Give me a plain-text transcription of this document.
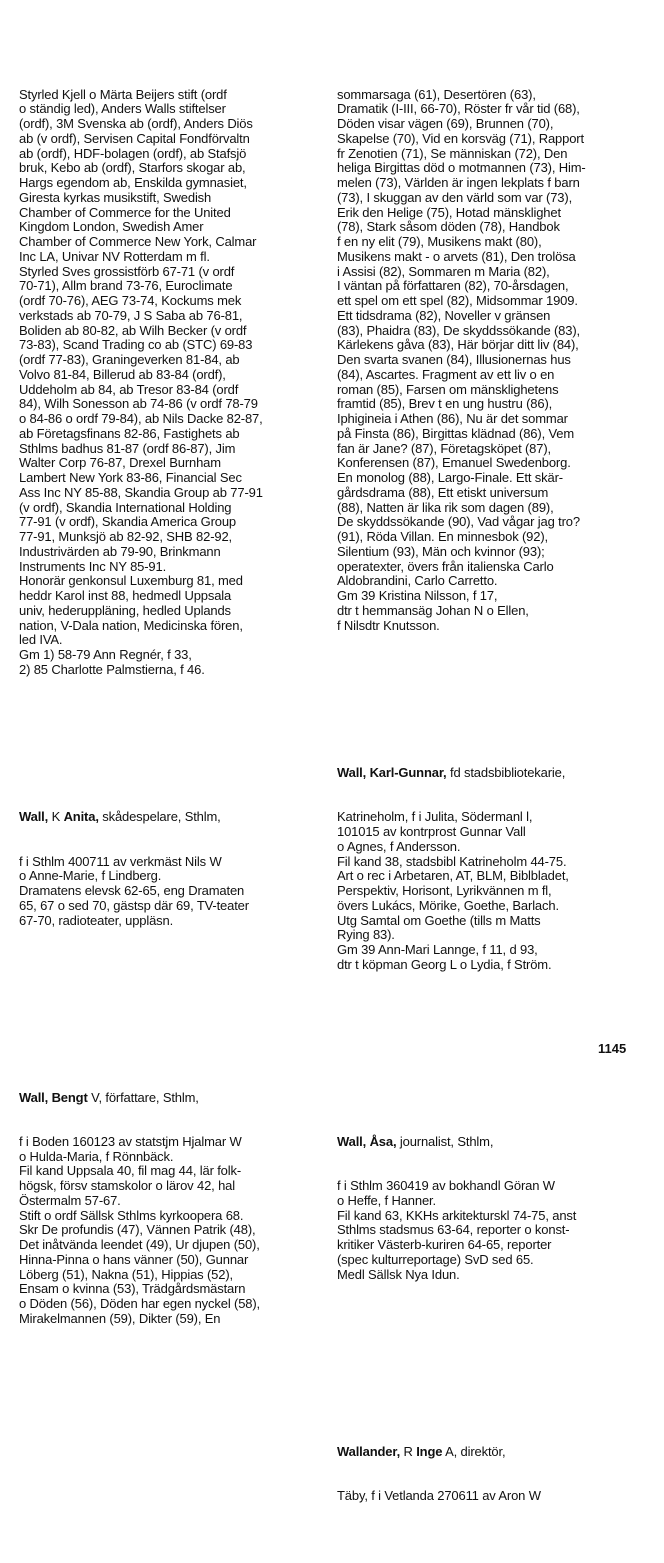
Styrled Kjell o Märta Beijers stift (ordf
o ständig led), Anders Walls stiftelser
(ordf), 3M Svenska ab (ordf), Anders Diös
ab (v ordf), Servisen Capital Fondförvaltn
ab (ordf), HDF-bolagen (ordf), ab Stafsjö
bruk, Kebo ab (ordf), Starfors skogar ab,
Hargs egendom ab, Enskilda gymnasiet,
Giresta kyrkas musikstift, Swedish
Chamber of Commerce for the United
Kingdom London, Swedish Amer
Chamber of Commerce New York, Calmar
Inc LA, Univar NV Rotterdam m fl.
Styrled Sves grossistförb 67-71 (v ordf
70-71), Allm brand 73-76, Euroclimate
(ordf 70-76), AEG 73-74, Kockums mek
verkstads ab 70-79, J S Saba ab 76-81,
Boliden ab 80-82, ab Wilh Becker (v ordf
73-83), Scand Trading co ab (STC) 69-83
(ordf 77-83), Graningeverken 81-84, ab
Volvo 81-84, Billerud ab 83-84 (ordf),
Uddeholm ab 84, ab Tresor 83-84 (ordf
84), Wilh Sonesson ab 74-86 (v ordf 78-79
o 84-86 o ordf 79-84), ab Nils Dacke 82-87,
ab Företagsfinans 82-86, Fastighets ab
Sthlms badhus 81-87 (ordf 86-87), Jim
Walter Corp 76-87, Drexel Burnham
Lambert New York 83-86, Financial Sec
Ass Inc NY 85-88, Skandia Group ab 77-91
(v ordf), Skandia International Holding
77-91 (v ordf), Skandia America Group
77-91, Munksjö ab 82-92, SHB 82-92,
Industrivärden ab 79-90, Brinkmann
Instruments Inc NY 85-91.
Honorär genkonsul Luxemburg 81, med
heddr Karol inst 88, hedmedl Uppsala
univ, hederuppläning, hedled Uplands
nation, V-Dala nation, Medicinska fören,
led IVA.
Gm 1) 58-79 Ann Regnér, f 33,
2) 85 Charlotte Palmstierna, f 46.

Wall, K Anita, skådespelare, Sthlm,

f i Sthlm 400711 av verkmäst Nils W
o Anne-Marie, f Lindberg.
Dramatens elevsk 62-65, eng Dramaten
65, 67 o sed 70, gästsp där 69, TV-teater
67-70, radioteater, uppläsn.

Wall, Bengt V, författare, Sthlm,

f i Boden 160123 av statstjm Hjalmar W
o Hulda-Maria, f Rönnbäck.
Fil kand Uppsala 40, fil mag 44, lär folk-
högsk, försv stamskolor o lärov 42, hal
Östermalm 57-67.
Stift o ordf Sällsk Sthlms kyrkoopera 68.
Skr De profundis (47), Vännen Patrik (48),
Det inåtvända leendet (49), Ur djupen (50),
Hinna-Pinna o hans vänner (50), Gunnar
Löberg (51), Nakna (51), Hippias (52),
Ensam o kvinna (53), Trädgårdsmästarn
o Döden (56), Döden har egen nyckel (58),
Mirakelmannen (59), Dikter (59), En

sommarsaga (61), Desertören (63),
Dramatik (I-III, 66-70), Röster fr vår tid (68),
Döden visar vägen (69), Brunnen (70),
Skapelse (70), Vid en korsväg (71), Rapport
fr Zenotien (71), Se människan (72), Den
heliga Birgittas död o motmannen (73), Him-
melen (73), Världen är ingen lekplats f barn
(73), I skuggan av den värld som var (73),
Erik den Helige (75), Hotad mänsklighet
(78), Stark såsom döden (78), Handbok
f en ny elit (79), Musikens makt (80),
Musikens makt - o arvets (81), Den trolösa
i Assisi (82), Sommaren m Maria (82),
I väntan på författaren (82), 70-årsdagen,
ett spel om ett spel (82), Midsommar 1909.
Ett tidsdrama (82), Noveller v gränsen
(83), Phaidra (83), De skyddssökande (83),
Kärlekens gåva (83), Här börjar ditt liv (84),
Den svarta svanen (84), Illusionernas hus
(84), Ascartes. Fragment av ett liv o en
roman (85), Farsen om mänsklighetens
framtid (85), Brev t en ung hustru (86),
Iphigineia i Athen (86), Nu är det sommar
på Finsta (86), Birgittas klädnad (86), Vem
fan är Jane? (87), Företagsköpet (87),
Konferensen (87), Emanuel Swedenborg.
En monolog (88), Largo-Finale. Ett skär-
gårdsdrama (88), Ett etiskt universum
(88), Natten är lika rik som dagen (89),
De skyddssökande (90), Vad vågar jag tro?
(91), Röda Villan. En minnesbok (92),
Silentium (93), Män och kvinnor (93);
operatexter, övers från italienska Carlo
Aldobrandini, Carlo Carretto.
Gm 39 Kristina Nilsson, f 17,
dtr t hemmansäg Johan N o Ellen,
f Nilsdtr Knutsson.

Wall, Karl-Gunnar, fd stadsbibliotekarie,

Katrineholm, f i Julita, Södermanl l,
101015 av kontrprost Gunnar Vall
o Agnes, f Andersson.
Fil kand 38, stadsbibl Katrineholm 44-75.
Art o rec i Arbetaren, AT, BLM, Biblbladet,
Perspektiv, Horisont, Lyrikvännen m fl,
övers Lukács, Mörike, Goethe, Barlach.
Utg Samtal om Goethe (tills m Matts
Rying 83).
Gm 39 Ann-Mari Lannge, f 11, d 93,
dtr t köpman Georg L o Lydia, f Ström.

Wall, Åsa, journalist, Sthlm,

f i Sthlm 360419 av bokhandl Göran W
o Heffe, f Hanner.
Fil kand 63, KKHs arkitekturskl 74-75, anst
Sthlms stadsmus 63-64, reporter o konst-
kritiker Västerb-kuriren 64-65, reporter
(spec kulturreportage) SvD sed 65.
Medl Sällsk Nya Idun.

Wallander, R Inge A, direktör,

Täby, f i Vetlanda 270611 av Aron W

1145
